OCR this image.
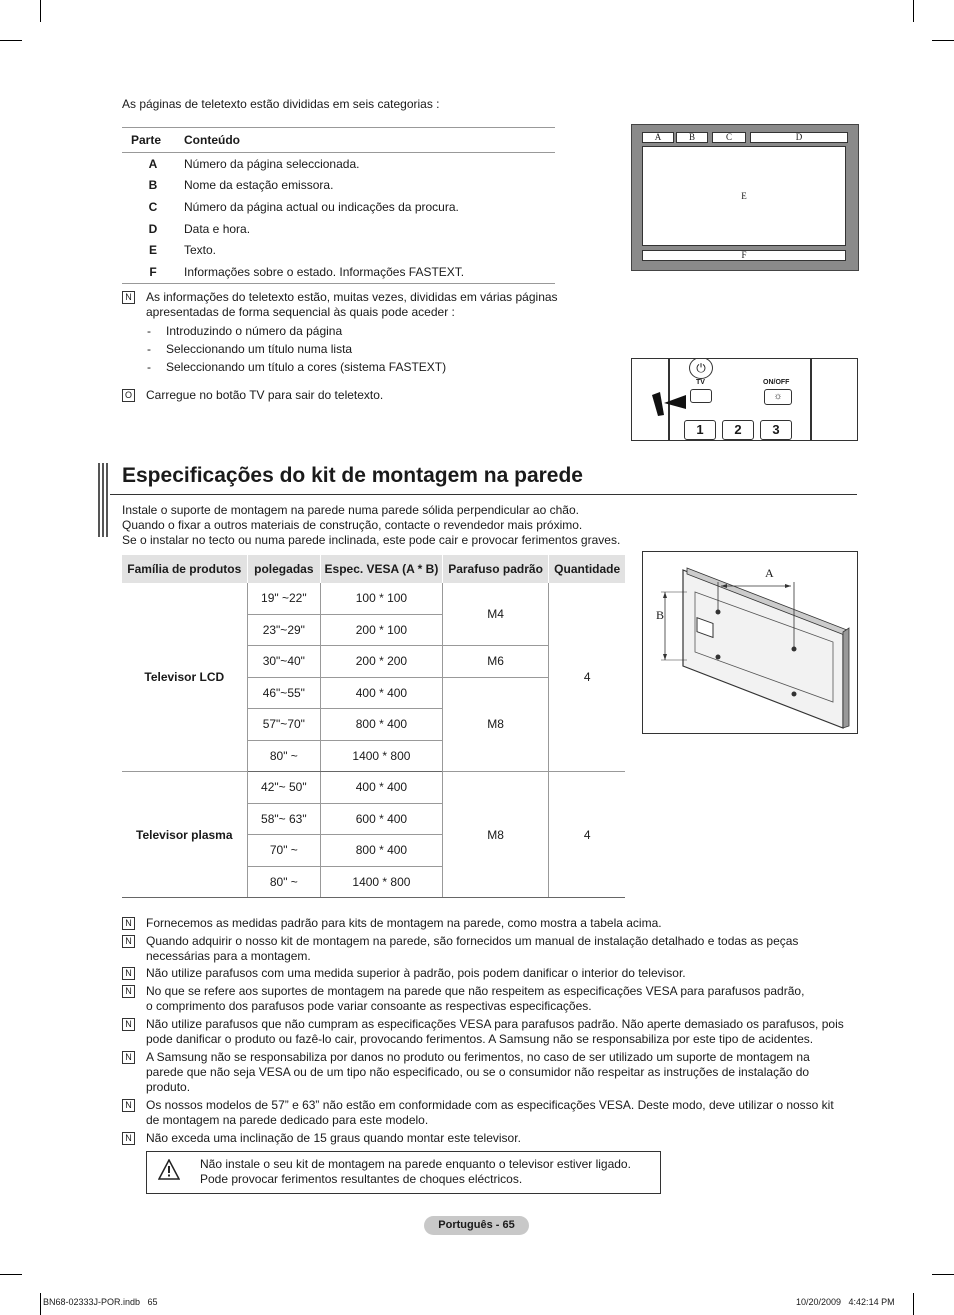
As páginas de teletexto estão divididas em seis categorias :
Parte	Conteúdo
A	Número da página seleccionada.
B	Nome da estação emissora.
C	Número da página actual ou indicações da procura.
D	Data e hora.
E	Texto.
F	Informações sobre o estado. Informações FASTEXT.
A	B	C	D
E
F
N As informações do teletexto estão, muitas vezes, divididas em várias páginas
apresentadas de forma sequencial às quais pode aceder :
- Introduzindo o número da página
- Seleccionando um título numa lista
- Seleccionando um título a cores (sistema FASTEXT)
O Carregue no botão TV para sair do teletexto.
⏻
TV	ON/OFF
☼
1	2	3
Especificações do kit de montagem na parede
Instale o suporte de montagem na parede numa parede sólida perpendicular ao chão.
Quando o fixar a outros materiais de construção, contacte o revendedor mais próximo.
Se o instalar no tecto ou numa parede inclinada, este pode cair e provocar ferimentos graves.
Família de produtos	polegadas	Espec. VESA (A * B)	Parafuso padrão	Quantidade
Televisor LCD	19" ~22"	100 * 100	M4	4
	23"~29"	200 * 100		
	30"~40"	200 * 200	M6	
	46"~55"	400 * 400	M8	
	57"~70"	800 * 400		
	80" ~	1400 * 800		
Televisor plasma	42"~ 50"	400 * 400	M8	4
	58"~ 63"	600 * 400		
	70" ~	800 * 400		
	80" ~	1400 * 800		
A
B
N Fornecemos as medidas padrão para kits de montagem na parede, como mostra a tabela acima.
N Quando adquirir o nosso kit de montagem na parede, são fornecidos um manual de instalação detalhado e todas as peças
necessárias para a montagem.
N Não utilize parafusos com uma medida superior à padrão, pois podem danificar o interior do televisor.
N No que se refere aos suportes de montagem na parede que não respeitem as especificações VESA para parafusos padrão,
o comprimento dos parafusos pode variar consoante as respectivas especificações.
N Não utilize parafusos que não cumpram as especificações VESA para parafusos padrão. Não aperte demasiado os parafusos, pois
pode danificar o produto ou fazê-lo cair, provocando ferimentos. A Samsung não se responsabiliza por este tipo de acidentes.
N A Samsung não se responsabiliza por danos no produto ou ferimentos, no caso de ser utilizado um suporte de montagem na
parede que não seja VESA ou de um tipo não especificado, ou se o consumidor não respeitar as instruções de instalação do
produto.
N Os nossos modelos de 57” e 63” não estão em conformidade com as especificações VESA. Deste modo, deve utilizar o nosso kit
de montagem na parede dedicado para este modelo.
N Não exceda uma inclinação de 15 graus quando montar este televisor.
Não instale o seu kit de montagem na parede enquanto o televisor estiver ligado.
Pode provocar ferimentos resultantes de choques eléctricos.
Português - 65
BN68-02333J-POR.indb   65	10/20/2009   4:42:14 PM
